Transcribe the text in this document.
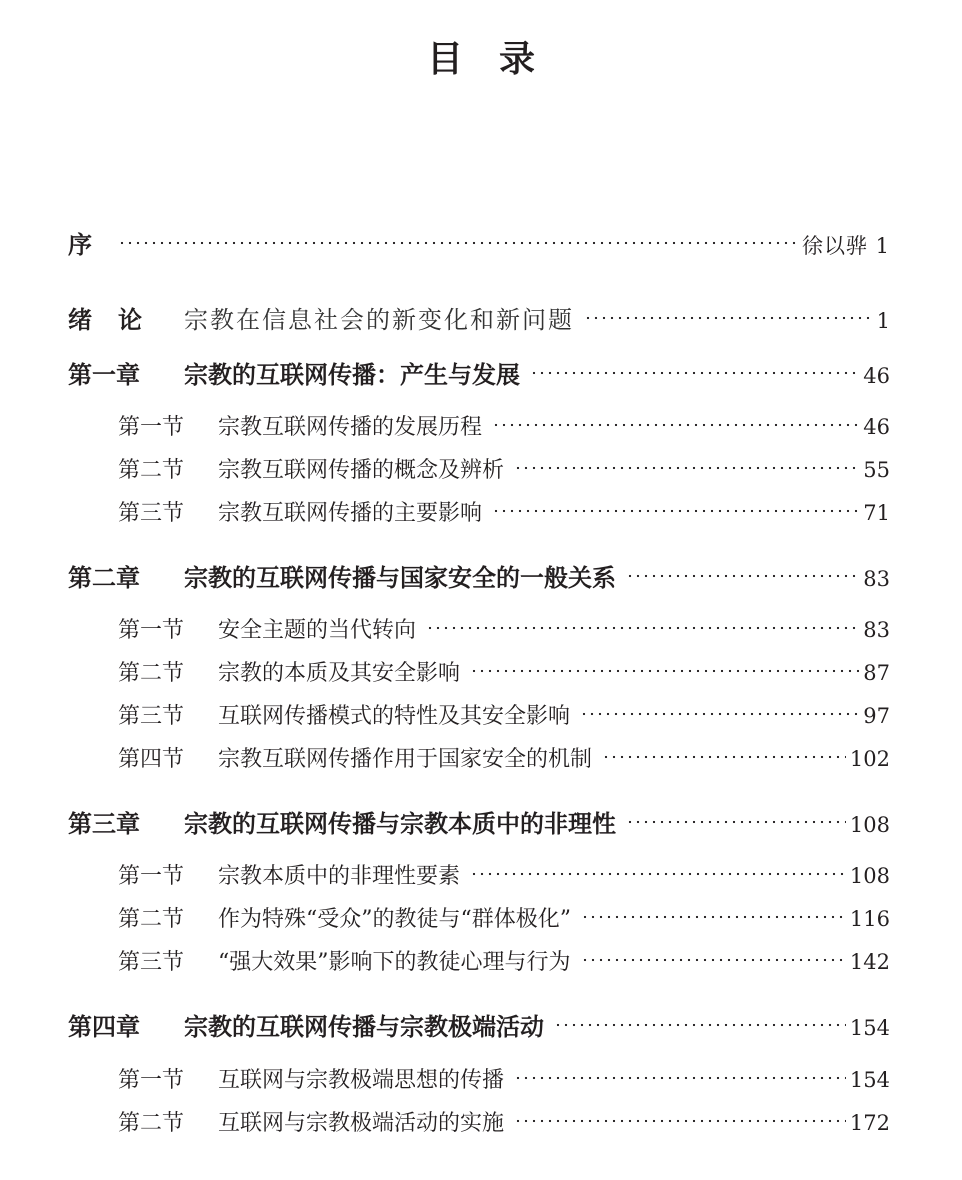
目录
序	徐以骅 1
绪论 宗教在信息社会的新变化和新问题	1
第一章	宗教的互联网传播：产生与发展	46
第一节	宗教互联网传播的发展历程	46
第二节	宗教互联网传播的概念及辨析	55
第三节	宗教互联网传播的主要影响	71
第二章	宗教的互联网传播与国家安全的一般关系	83
第一节	安全主题的当代转向	83
第二节	宗教的本质及其安全影响	87
第三节	互联网传播模式的特性及其安全影响	97
第四节	宗教互联网传播作用于国家安全的机制	102
第三章	宗教的互联网传播与宗教本质中的非理性	108
第一节	宗教本质中的非理性要素	108
第二节	作为特殊“受众”的教徒与“群体极化”	116
第三节	“强大效果”影响下的教徒心理与行为	142
第四章	宗教的互联网传播与宗教极端活动	154
第一节	互联网与宗教极端思想的传播	154
第二节	互联网与宗教极端活动的实施	172
